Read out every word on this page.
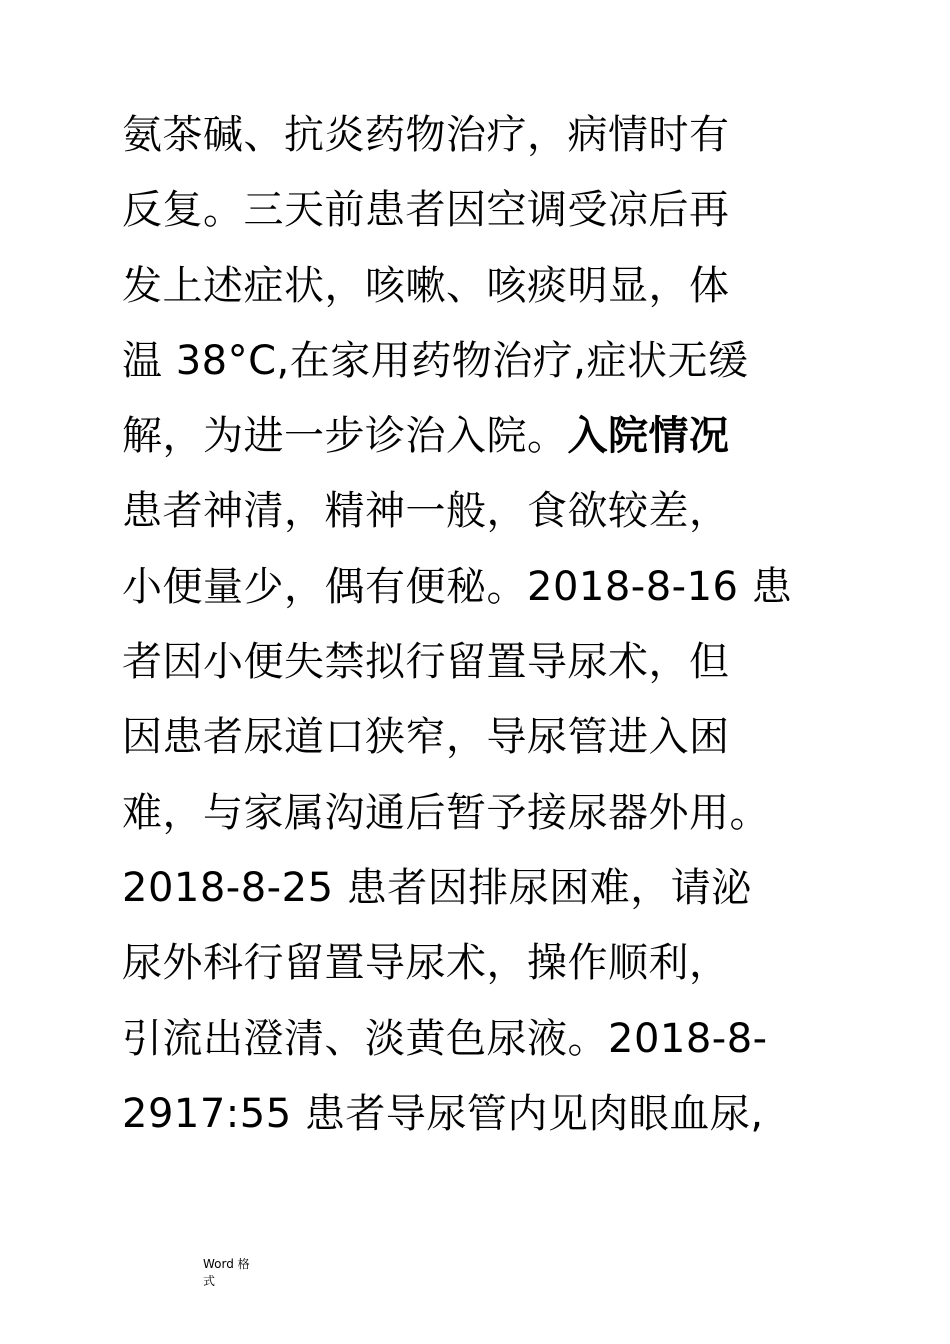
氨茶碱、抗炎药物治疗，病情时有
反复。三天前患者因空调受凉后再
发上述症状，咳嗽、咳痰明显，体
温 38°C,在家用药物治疗,症状无缓
解，为进一步诊治入院。入院情况
患者神清，精神一般，食欲较差，
小便量少，偶有便秘。2018-8-16 患
者因小便失禁拟行留置导尿术，但
因患者尿道口狭窄，导尿管进入困
难，与家属沟通后暂予接尿器外用。
2018-8-25 患者因排尿困难，请泌
尿外科行留置导尿术，操作顺利，
引流出澄清、淡黄色尿液。2018-8-
2917:55 患者导尿管内见肉眼血尿,
Word 格
式
